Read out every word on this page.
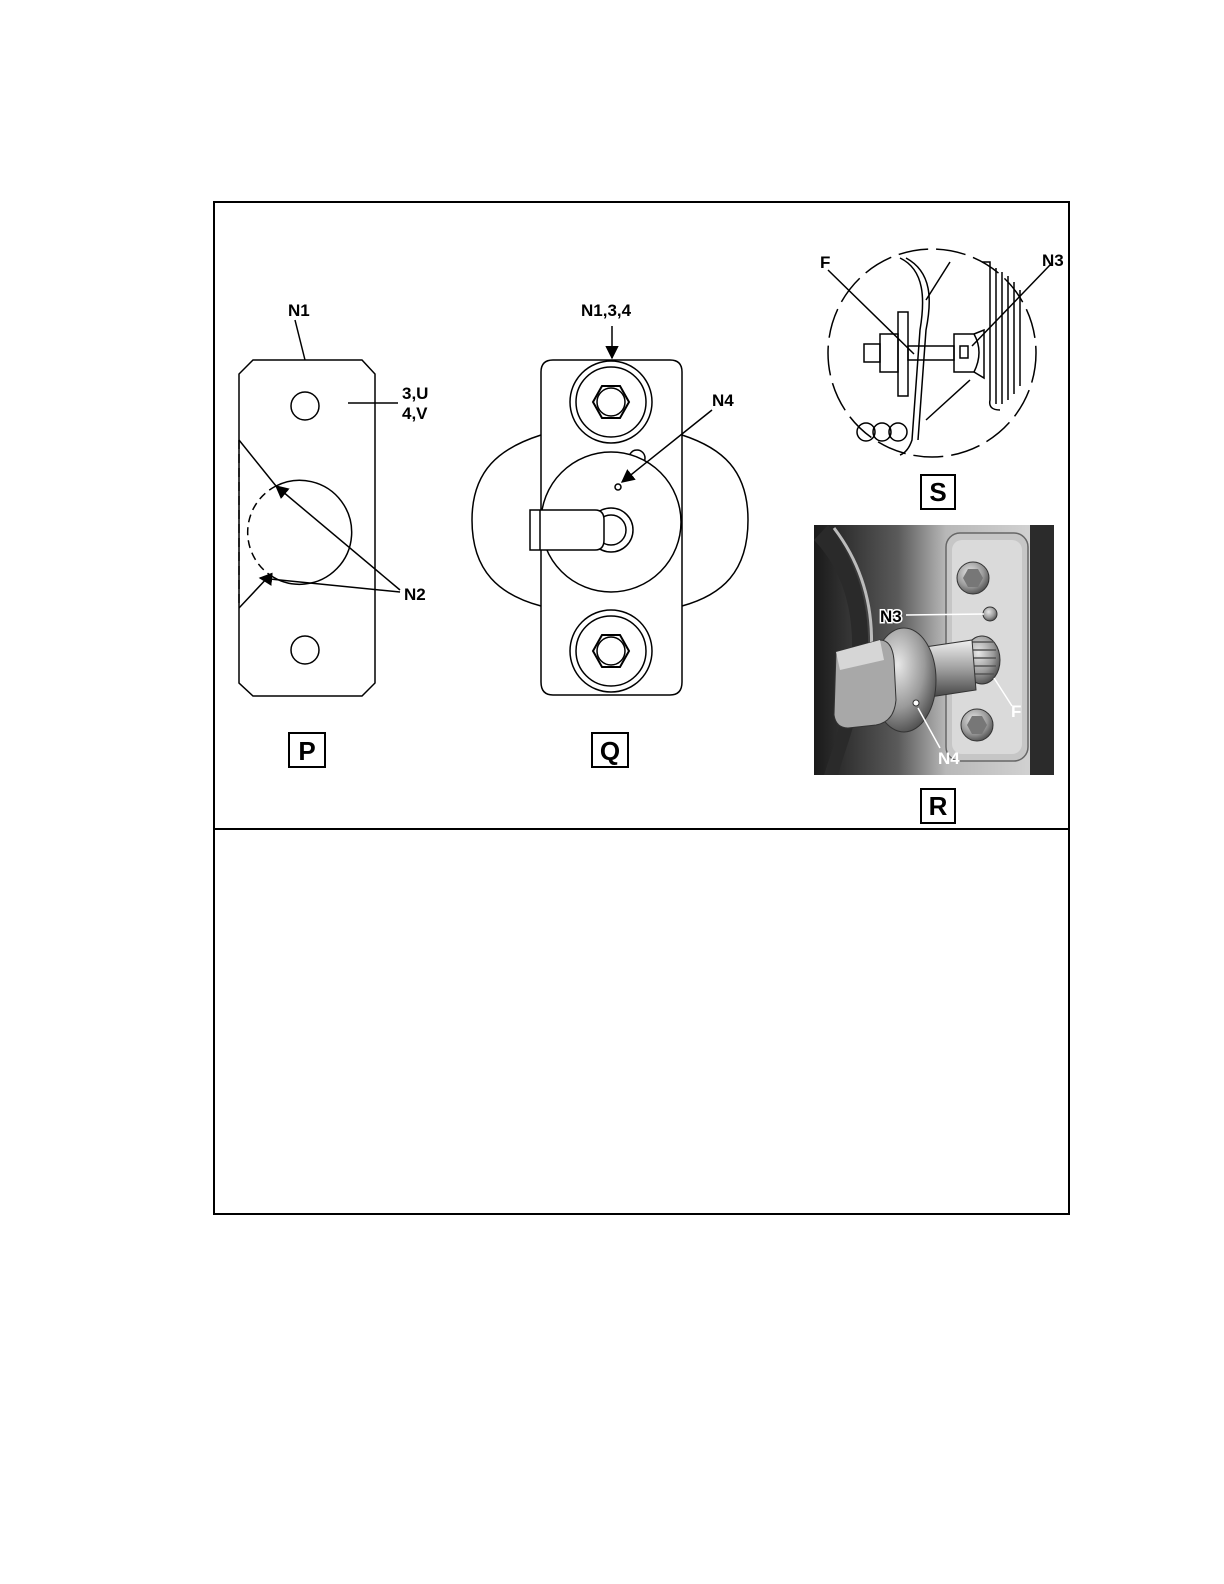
N1
3,U
4,V
N2
P
N1,3,4
N4
Q
F	N3
S
N3
F
N4
R
